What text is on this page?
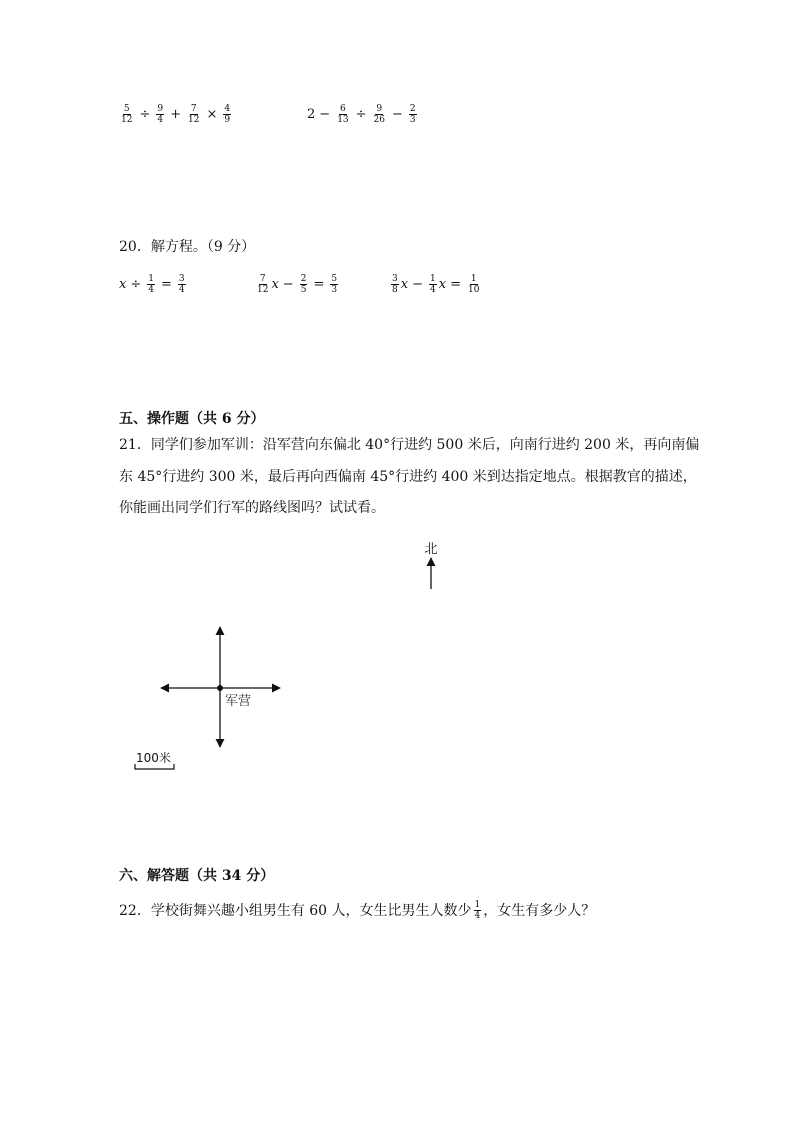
$\frac{5}{12} \div \frac{9}{4} + \frac{7}{12} \times \frac{4}{9}$	$2 - \frac{6}{13} \div \frac{9}{26} - \frac{2}{3}$
20．解方程。（9 分）
$x \div \frac{1}{4} = \frac{3}{4}$	$\frac{7}{12}$ $x - \frac{2}{5} = \frac{5}{3}$	$\frac{3}{8}$ $x - \frac{1}{4}$ $x = \frac{1}{10}$
五、操作题（共 6 分）
21．同学们参加军训：沿军营向东偏北 40°行进约 500 米后，向南行进约 200 米，再向南偏
东 45°行进约 300 米，最后再向西偏南 45°行进约 400 米到达指定地点。根据教官的描述，
你能画出同学们行军的路线图吗？试试看。
北
军营
100米
六、解答题（共 34 分）
22．学校街舞兴趣小组男生有 60 人，女生比男生人数少 $\frac{1}{4}$ ，女生有多少人？
